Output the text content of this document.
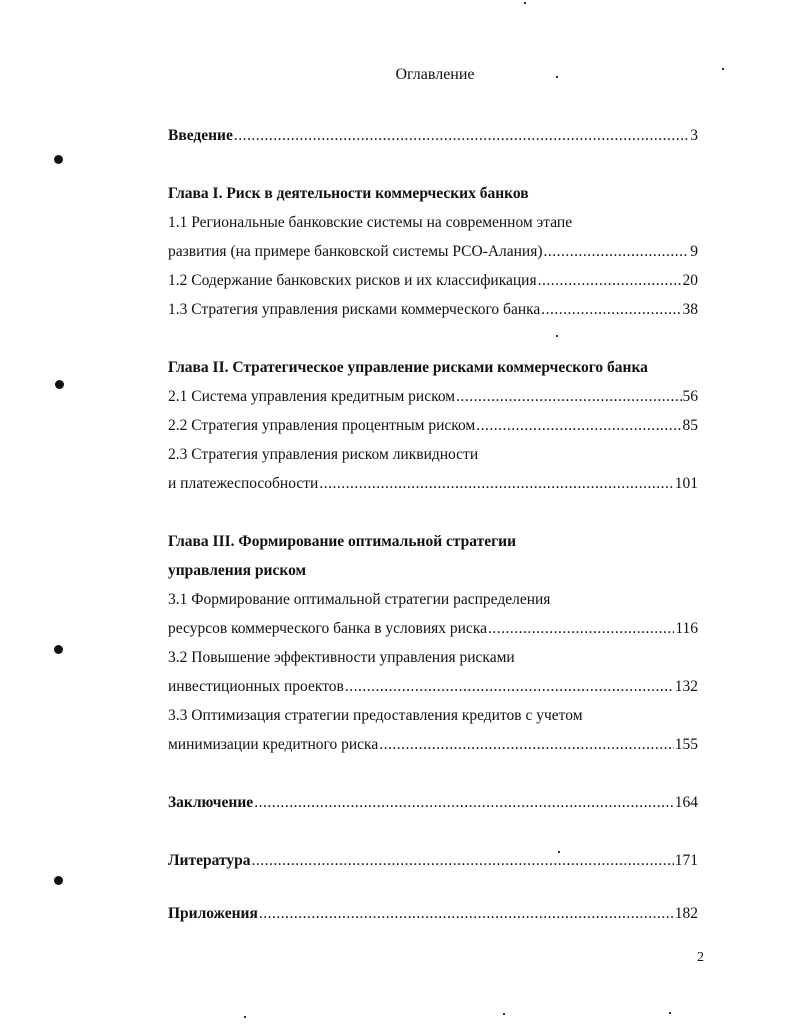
Оглавление
Введение .....	3
Глава I. Риск в деятельности коммерческих банков
1.1 Региональные банковские системы на современном этапе
развития (на примере банковской системы РСО-Алания) .....	9
1.2 Содержание банковских рисков и их классификация .....	20
1.3 Стратегия управления рисками коммерческого банка .....	38
Глава II. Стратегическое управление рисками коммерческого банка
2.1 Система управления кредитным риском .....	56
2.2 Стратегия управления процентным риском .....	85
2.3 Стратегия управления риском ликвидности
и платежеспособности .....	101
Глава III. Формирование оптимальной стратегии
управления риском
3.1 Формирование оптимальной стратегии распределения
ресурсов коммерческого банка в условиях риска .....	116
3.2 Повышение эффективности управления рисками
инвестиционных проектов .....	132
3.3 Оптимизация стратегии предоставления кредитов с учетом
минимизации кредитного риска .....	155
Заключение .....	164
Литература .....	171
Приложения .....	182
2
